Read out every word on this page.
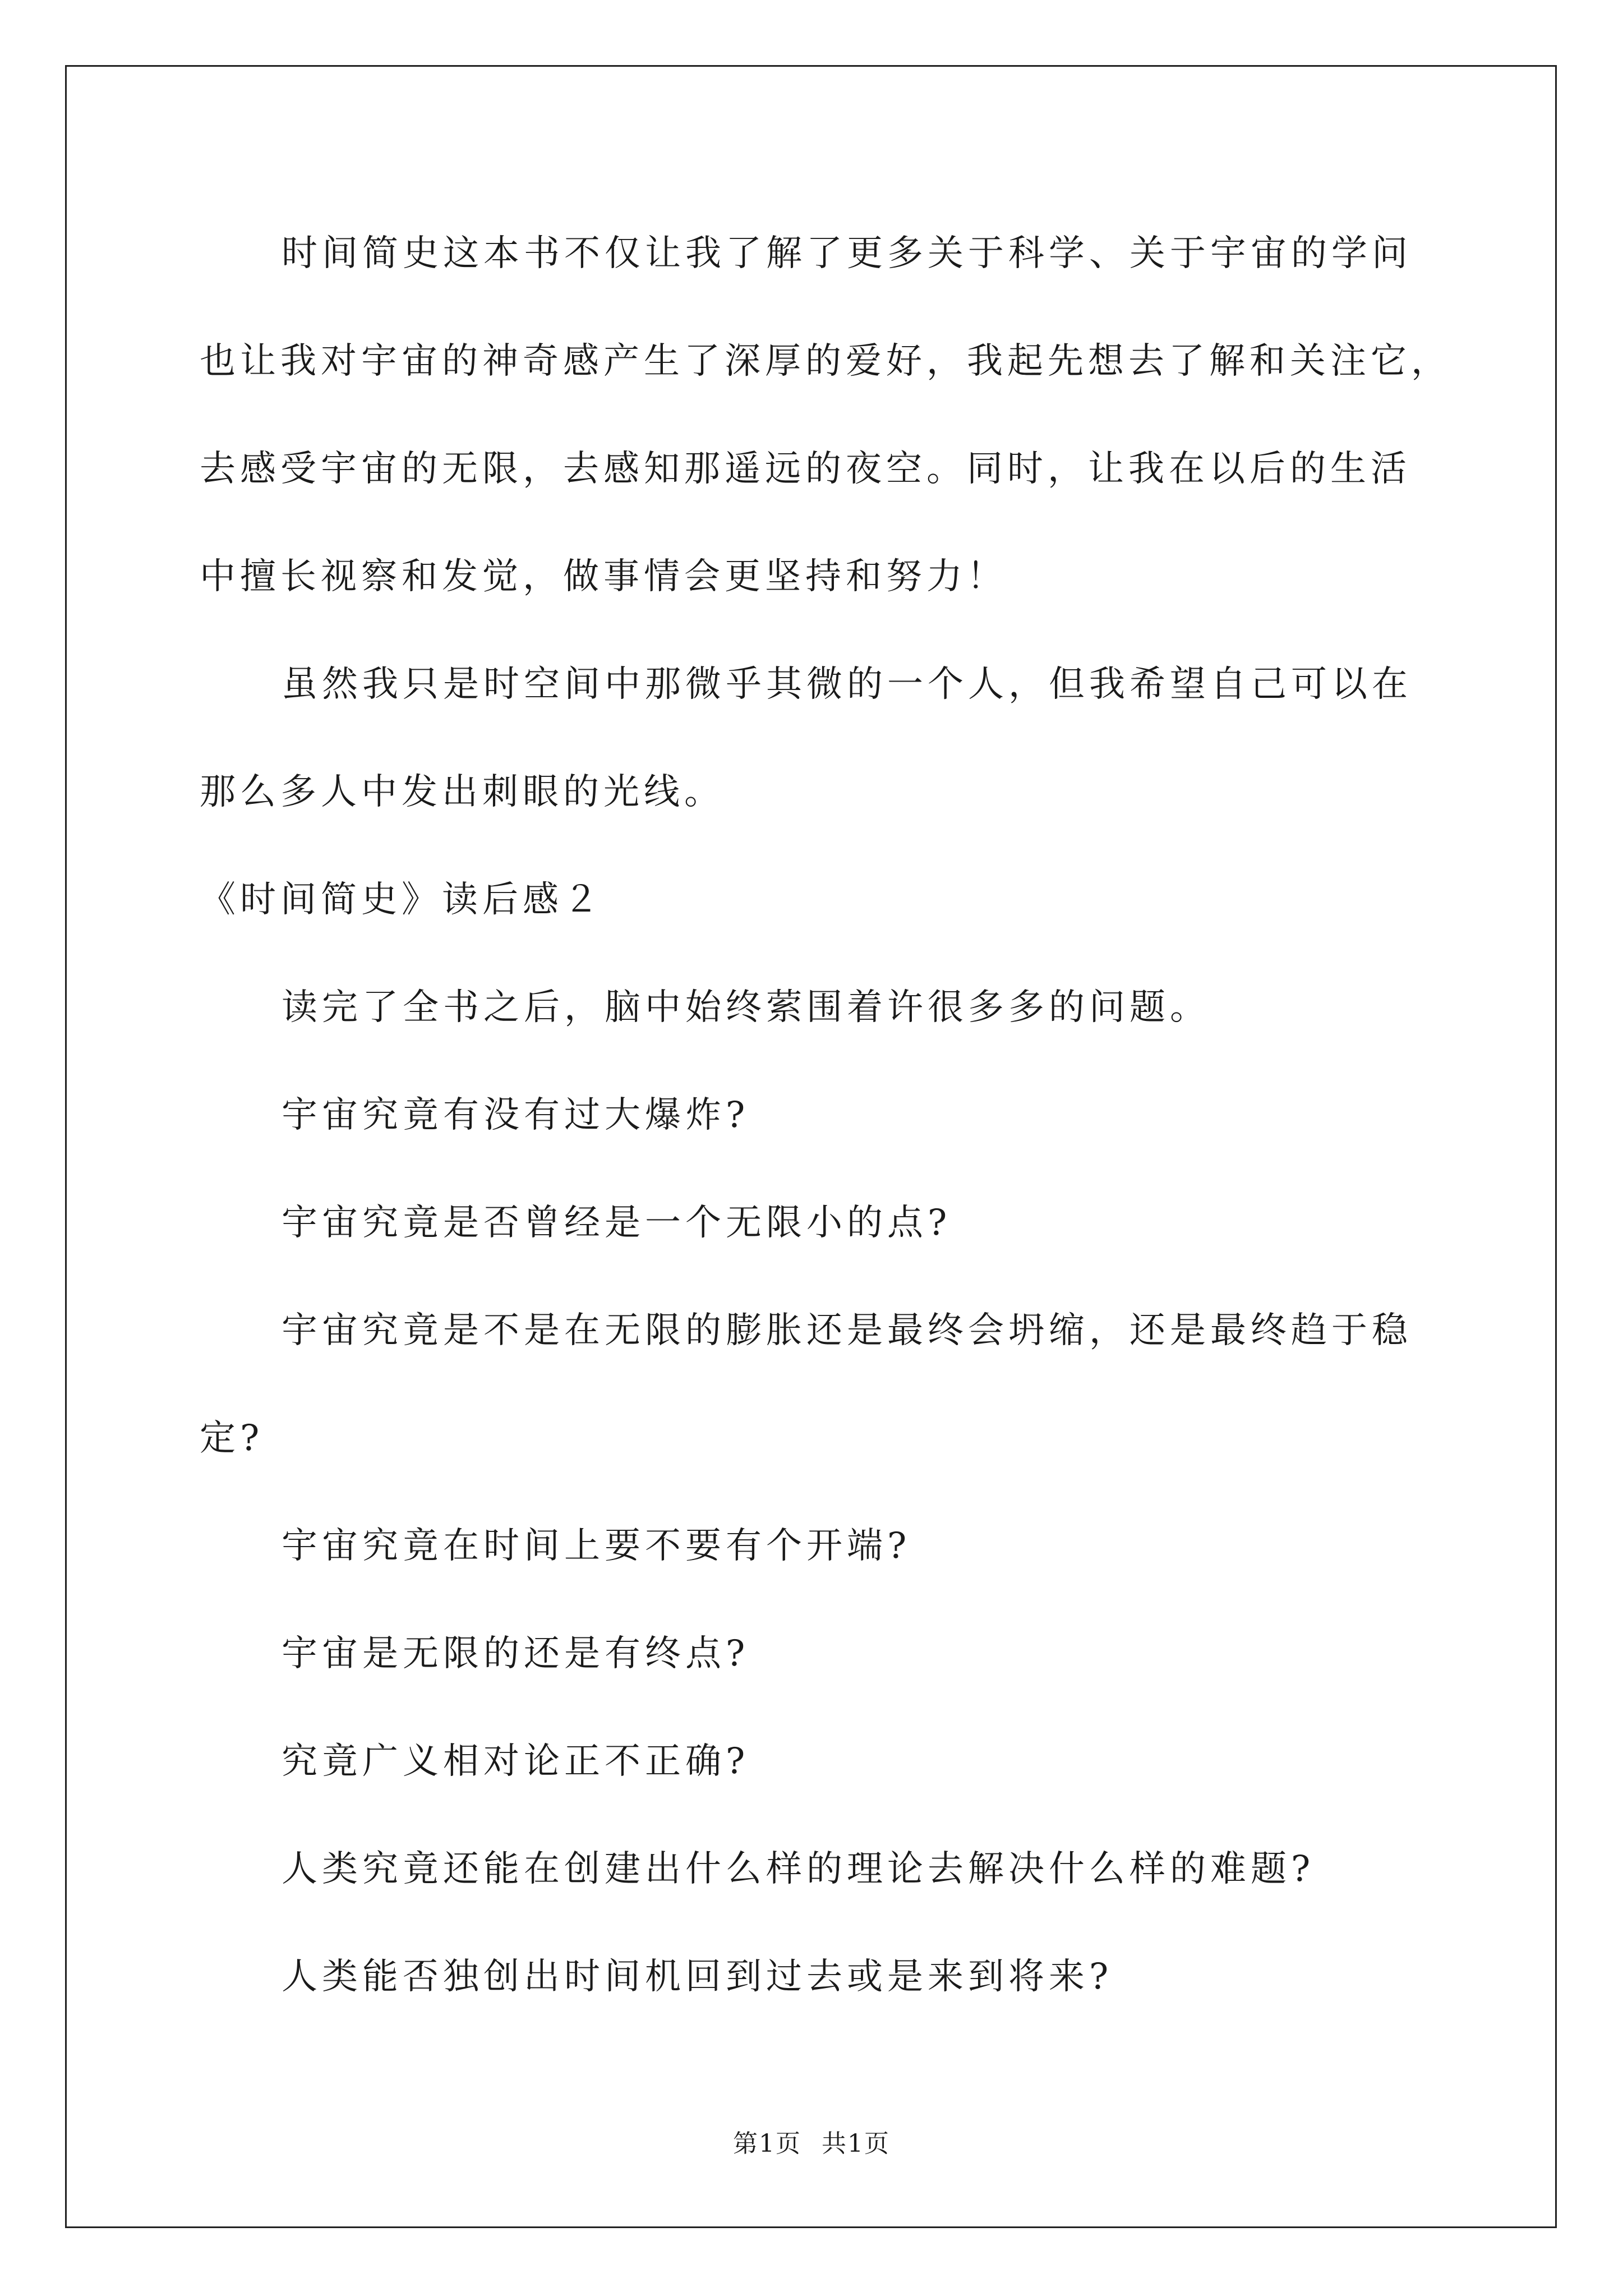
时间简史这本书不仅让我了解了更多关于科学、关于宇宙的学问
也让我对宇宙的神奇感产生了深厚的爱好，我起先想去了解和关注它，
去感受宇宙的无限，去感知那遥远的夜空。同时，让我在以后的生活
中擅长视察和发觉，做事情会更坚持和努力！
虽然我只是时空间中那微乎其微的一个人，但我希望自己可以在
那么多人中发出刺眼的光线。
《时间简史》读后感２
读完了全书之后，脑中始终萦围着许很多多的问题。
宇宙究竟有没有过大爆炸?
宇宙究竟是否曾经是一个无限小的点?
宇宙究竟是不是在无限的膨胀还是最终会坍缩，还是最终趋于稳
定?
宇宙究竟在时间上要不要有个开端?
宇宙是无限的还是有终点?
究竟广义相对论正不正确?
人类究竟还能在创建出什么样的理论去解决什么样的难题?
人类能否独创出时间机回到过去或是来到将来?
第1页 共1页
